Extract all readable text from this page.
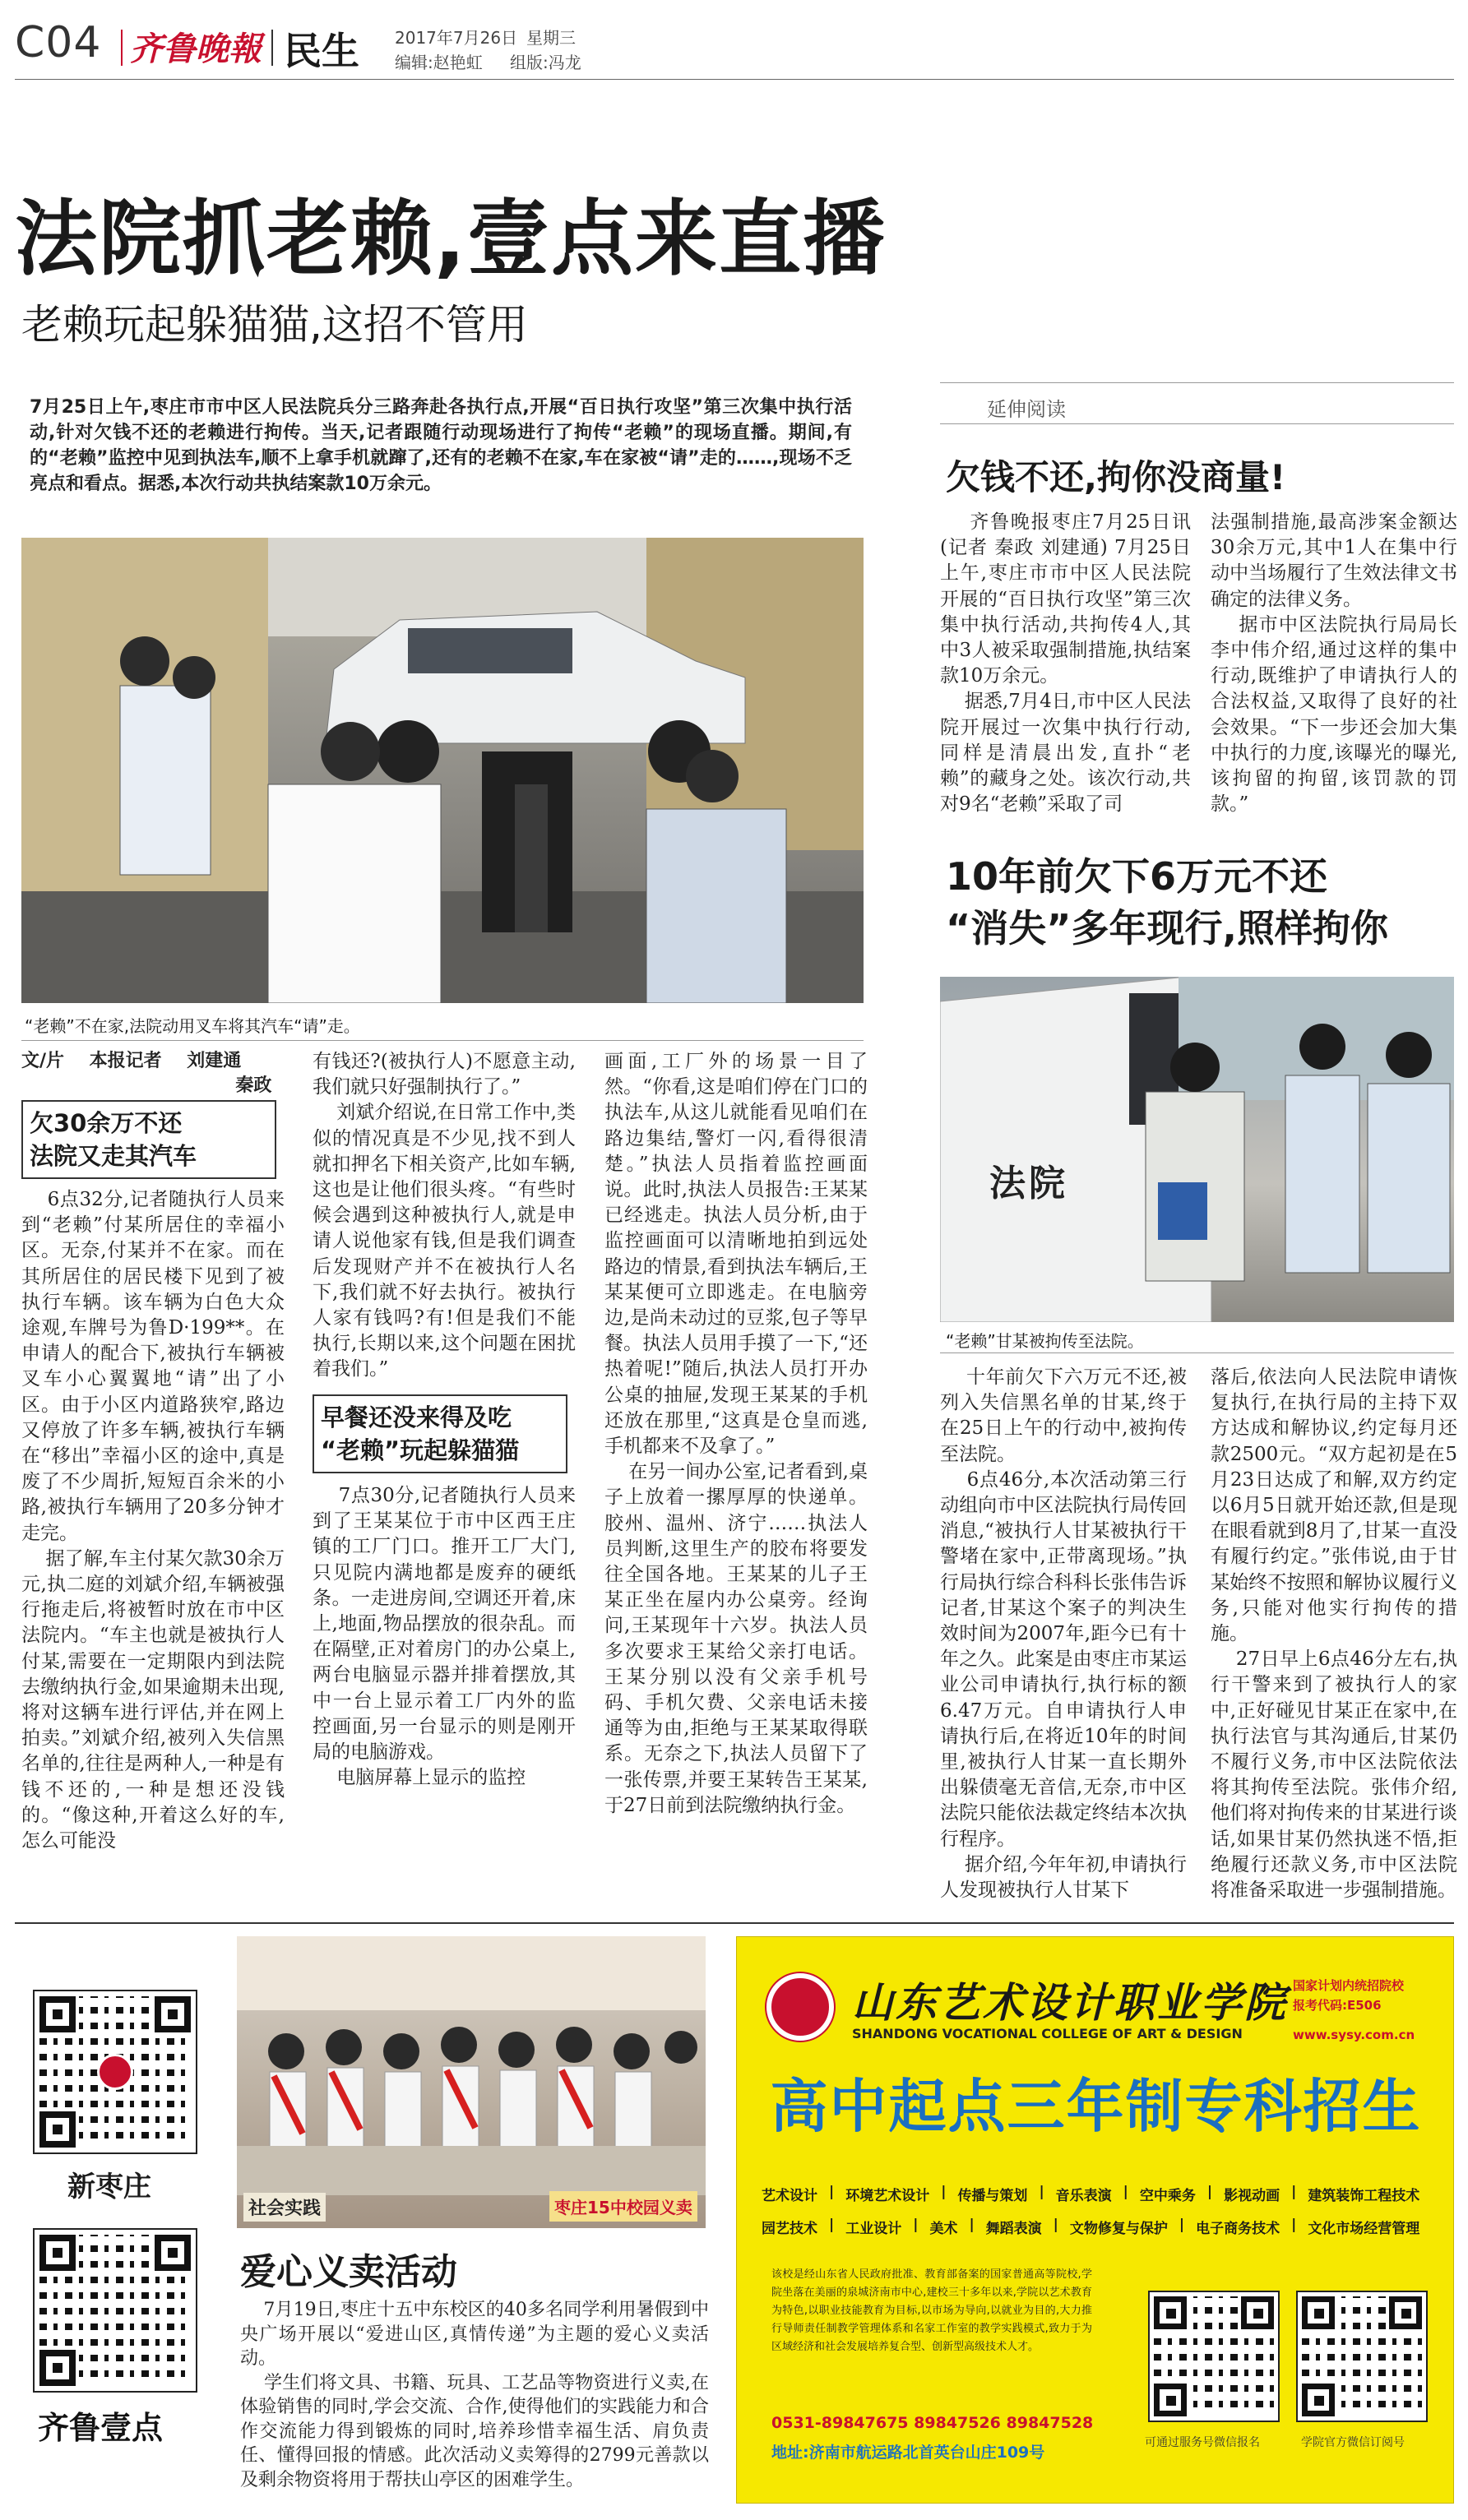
C04 齐鲁晚報 民生 2017年7月26日 星期三
编辑:赵艳虹 组版:冯龙
法院抓老赖,壹点来直播
老赖玩起躲猫猫,这招不管用
7月25日上午,枣庄市市中区人民法院兵分三路奔赴各执行点,开展“百日执行攻坚”第三次集中执行活动,针对欠钱不还的老赖进行拘传。当天,记者跟随行动现场进行了拘传“老赖”的现场直播。期间,有的“老赖”监控中见到执法车,顺不上拿手机就蹿了,还有的老赖不在家,车在家被“请”走的……,现场不乏亮点和看点。据悉,本次行动共执结案款10万余元。
“老赖”不在家,法院动用叉车将其汽车“请”走。
文/片    本报记者    刘建通
秦政
欠30余万不还
法院又走其汽车
6点32分,记者随执行人员来到“老赖”付某所居住的幸福小区。无奈,付某并不在家。而在其所居住的居民楼下见到了被执行车辆。该车辆为白色大众途观,车牌号为鲁D·199**。在申请人的配合下,被执行车辆被叉车小心翼翼地“请”出了小区。由于小区内道路狭窄,路边又停放了许多车辆,被执行车辆在“移出”幸福小区的途中,真是废了不少周折,短短百余米的小路,被执行车辆用了20多分钟才走完。
据了解,车主付某欠款30余万元,执二庭的刘斌介绍,车辆被强行拖走后,将被暂时放在市中区法院内。“车主也就是被执行人付某,需要在一定期限内到法院去缴纳执行金,如果逾期未出现,将对这辆车进行评估,并在网上拍卖。”刘斌介绍,被列入失信黑名单的,往往是两种人,一种是有钱不还的,一种是想还没钱的。“像这种,开着这么好的车,怎么可能没
有钱还?(被执行人)不愿意主动,我们就只好强制执行了。”
刘斌介绍说,在日常工作中,类似的情况真是不少见,找不到人就扣押名下相关资产,比如车辆,这也是让他们很头疼。“有些时候会遇到这种被执行人,就是申请人说他家有钱,但是我们调查后发现财产并不在被执行人名下,我们就不好去执行。被执行人家有钱吗?有!但是我们不能执行,长期以来,这个问题在困扰着我们。”
早餐还没来得及吃
“老赖”玩起躲猫猫
7点30分,记者随执行人员来到了王某某位于市中区西王庄镇的工厂门口。推开工厂大门,只见院内满地都是废弃的硬纸条。一走进房间,空调还开着,床上,地面,物品摆放的很杂乱。而在隔壁,正对着房门的办公桌上,两台电脑显示器并排着摆放,其中一台上显示着工厂内外的监控画面,另一台显示的则是刚开局的电脑游戏。
电脑屏幕上显示的监控
画面,工厂外的场景一目了然。“你看,这是咱们停在门口的执法车,从这儿就能看见咱们在路边集结,警灯一闪,看得很清楚。”执法人员指着监控画面说。此时,执法人员报告:王某某已经逃走。执法人员分析,由于监控画面可以清晰地拍到远处路边的情景,看到执法车辆后,王某某便可立即逃走。在电脑旁边,是尚未动过的豆浆,包子等早餐。执法人员用手摸了一下,“还热着呢!”随后,执法人员打开办公桌的抽屉,发现王某某的手机还放在那里,“这真是仓皇而逃,手机都来不及拿了。”
在另一间办公室,记者看到,桌子上放着一摞厚厚的快递单。胶州、温州、济宁……执法人员判断,这里生产的胶布将要发往全国各地。王某某的儿子王某正坐在屋内办公桌旁。经询问,王某现年十六岁。执法人员多次要求王某给父亲打电话。王某分别以没有父亲手机号码、手机欠费、父亲电话未接通等为由,拒绝与王某某取得联系。无奈之下,执法人员留下了一张传票,并要王某转告王某某,于27日前到法院缴纳执行金。
延伸阅读
欠钱不还,拘你没商量!
齐鲁晚报枣庄7月25日讯(记者 秦政 刘建通) 7月25日上午,枣庄市市中区人民法院开展的“百日执行攻坚”第三次集中执行活动,共拘传4人,其中3人被采取强制措施,执结案款10万余元。
据悉,7月4日,市中区人民法院开展过一次集中执行行动,同样是清晨出发,直扑“老赖”的藏身之处。该次行动,共对9名“老赖”采取了司
法强制措施,最高涉案金额达30余万元,其中1人在集中行动中当场履行了生效法律文书确定的法律义务。
据市中区法院执行局局长李中伟介绍,通过这样的集中行动,既维护了申请执行人的合法权益,又取得了良好的社会效果。“下一步还会加大集中执行的力度,该曝光的曝光,该拘留的拘留,该罚款的罚款。”
10年前欠下6万元不还
“消失”多年现行,照样拘你
法院
“老赖”甘某被拘传至法院。
十年前欠下六万元不还,被列入失信黑名单的甘某,终于在25日上午的行动中,被拘传至法院。
6点46分,本次活动第三行动组向市中区法院执行局传回消息,“被执行人甘某被执行干警堵在家中,正带离现场。”执行局执行综合科科长张伟告诉记者,甘某这个案子的判决生效时间为2007年,距今已有十年之久。此案是由枣庄市某运业公司申请执行,执行标的额6.47万元。自申请执行人申请执行后,在将近10年的时间里,被执行人甘某一直长期外出躲债毫无音信,无奈,市中区法院只能依法裁定终结本次执行程序。
据介绍,今年年初,申请执行人发现被执行人甘某下
落后,依法向人民法院申请恢复执行,在执行局的主持下双方达成和解协议,约定每月还款2500元。“双方起初是在5月23日达成了和解,双方约定以6月5日就开始还款,但是现在眼看就到8月了,甘某一直没有履行约定。”张伟说,由于甘某始终不按照和解协议履行义务,只能对他实行拘传的措施。
27日早上6点46分左右,执行干警来到了被执行人的家中,正好碰见甘某正在家中,在执行法官与其沟通后,甘某仍不履行义务,市中区法院依法将其拘传至法院。张伟介绍,他们将对拘传来的甘某进行谈话,如果甘某仍然执迷不悟,拒绝履行还款义务,市中区法院将准备采取进一步强制措施。
新枣庄
齐鲁壹点
社会实践	枣庄15中校园义卖
爱心义卖活动
7月19日,枣庄十五中东校区的40多名同学利用暑假到中央广场开展以“爱进山区,真情传递”为主题的爱心义卖活动。
学生们将文具、书籍、玩具、工艺品等物资进行义卖,在体验销售的同时,学会交流、合作,使得他们的实践能力和合作交流能力得到锻炼的同时,培养珍惜幸福生活、肩负责任、懂得回报的情感。此次活动义卖筹得的2799元善款以及剩余物资将用于帮扶山亭区的困难学生。
山东艺术设计职业学院
SHANDONG VOCATIONAL COLLEGE OF ART & DESIGN
国家计划内统招院校
报考代码:E506
www.sysy.com.cn
高中起点三年制专科招生
艺术设计 | 环境艺术设计 | 传播与策划 | 音乐表演 | 空中乘务 | 影视动画 | 建筑装饰工程技术
园艺技术 | 工业设计 | 美术 | 舞蹈表演 | 文物修复与保护 | 电子商务技术 | 文化市场经营管理
该校是经山东省人民政府批准、教育部备案的国家普通高等院校,学院坐落在美丽的泉城济南市中心,建校三十多年以来,学院以艺术教育为特色,以职业技能教育为目标,以市场为导向,以就业为目的,大力推行导师责任制教学管理体系和名家工作室的教学实践模式,致力于为区域经济和社会发展培养复合型、创新型高级技术人才。
0531-89847675 89847526 89847528
地址:济南市航运路北首英台山庄109号
可通过服务号微信报名	学院官方微信订阅号
